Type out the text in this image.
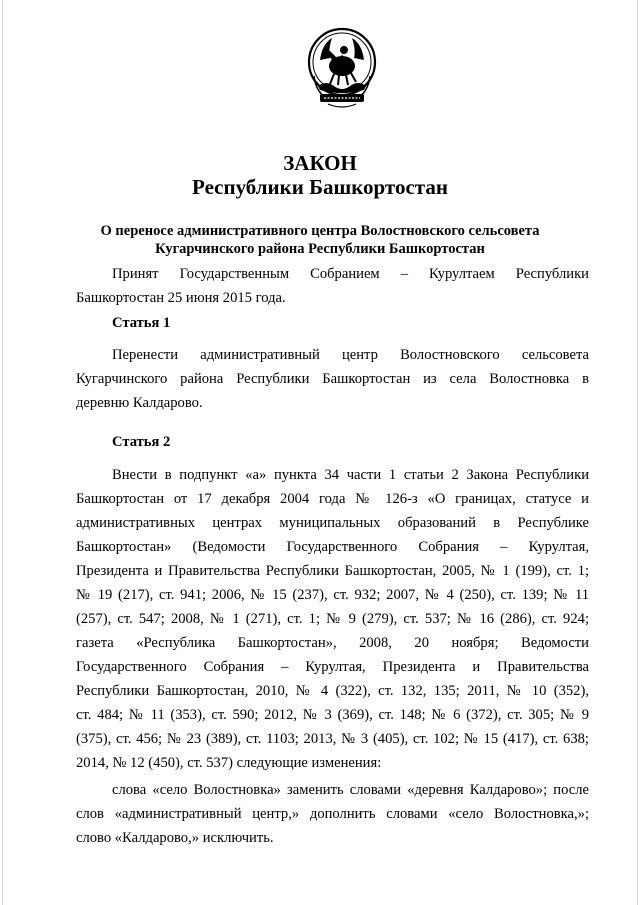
ЗАКОН
Республики Башкортостан
О переносе административного центра Волостновского сельсовета
Кугарчинского района Республики Башкортостан
Принят Государственным Собранием – Курултаем Республики
Башкортостан 25 июня 2015 года.
Статья 1
Перенести административный центр Волостновского сельсовета
Кугарчинского района Республики Башкортостан из села Волостновка в
деревню Калдарово.
Статья 2
Внести в подпункт «а» пункта 34 части 1 статьи 2 Закона Республики
Башкортостан от 17 декабря 2004 года № 126-з «О границах, статусе и
административных центрах муниципальных образований в Республике
Башкортостан» (Ведомости Государственного Собрания – Курултая,
Президента и Правительства Республики Башкортостан, 2005, № 1 (199), ст. 1;
№ 19 (217), ст. 941; 2006, № 15 (237), ст. 932; 2007, № 4 (250), ст. 139; № 11
(257), ст. 547; 2008, № 1 (271), ст. 1; № 9 (279), ст. 537; № 16 (286), ст. 924;
газета «Республика Башкортостан», 2008, 20 ноября; Ведомости
Государственного Собрания – Курултая, Президента и Правительства
Республики Башкортостан, 2010, № 4 (322), ст. 132, 135; 2011, № 10 (352),
ст. 484; № 11 (353), ст. 590; 2012, № 3 (369), ст. 148; № 6 (372), ст. 305; № 9
(375), ст. 456; № 23 (389), ст. 1103; 2013, № 3 (405), ст. 102; № 15 (417), ст. 638;
2014, № 12 (450), ст. 537) следующие изменения:
слова «село Волостновка» заменить словами «деревня Калдарово»; после
слов «административный центр,» дополнить словами «село Волостновка,»;
слово «Калдарово,» исключить.
